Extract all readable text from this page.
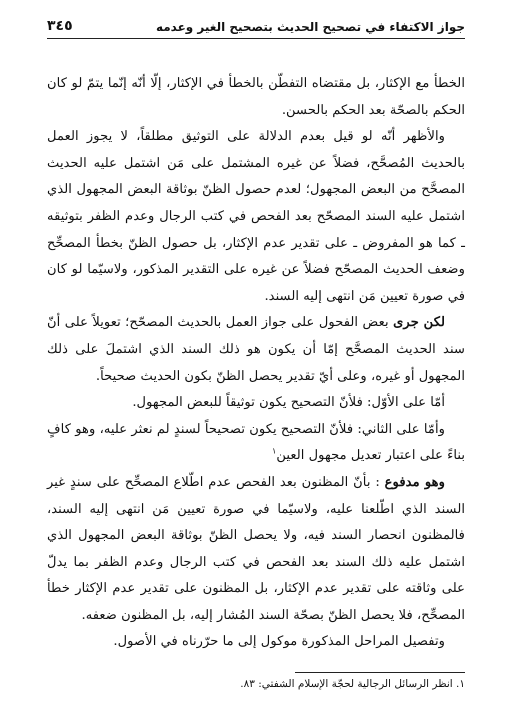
جواز الاكتفاء في تصحيح الحديث بتصحيح الغير وعدمه
٣٤٥

الخطأ مع الإكثار، بل مقتضاه التفطّن بالخطأ في الإكثار، إلّا أنّه إنّما يتمّ لو كان الحكم بالصحّة بعد الحكم بالحسن.

والأظهر أنّه لو قيل بعدم الدلالة على التوثيق مطلقاً، لا يجوز العمل بالحديث المُصحَّح، فضلاً عن غيره المشتمل على مَن اشتمل عليه الحديث المصحَّح من البعض المجهول؛ لعدم حصول الظنّ بوثاقة البعض المجهول الذي اشتمل عليه السند المصحّح بعد الفحص في كتب الرجال وعدم الظفر بتوثيقه ـ كما هو المفروض ـ على تقدير عدم الإكثار، بل حصول الظنّ بخطأ المصحِّح وضعف الحديث المصحّح فضلاً عن غيره على التقدير المذكور، ولاسيّما لو كان في صورة تعيين مَن انتهى إليه السند.

لكن جرى بعض الفحول على جواز العمل بالحديث المصحّح؛ تعويلاً على أنّ سند الحديث المصحَّح إمّا أن يكون هو ذلك السند الذي اشتملَ على ذلك المجهول أو غيره، وعلى أيّ تقدير يحصل الظنّ بكون الحديث صحيحاً.

أمّا على الأوّل: فلأنّ التصحيح يكون توثيقاً للبعض المجهول.

وأمّا على الثاني: فلأنّ التصحيح يكون تصحيحاً لسندٍ لم نعثر عليه، وهو كافٍ بناءً على اعتبار تعديل مجهول العين$^١$

وهو مدفوع : بأنّ المظنون بعد الفحص عدم اطّلاع المصحِّح على سندٍ غير السند الذي اطّلعنا عليه، ولاسيّما في صورة تعيين مَن انتهى إليه السند، فالمظنون انحصار السند فيه، ولا يحصل الظنّ بوثاقة البعض المجهول الذي اشتمل عليه ذلك السند بعد الفحص في كتب الرجال وعدم الظفر بما يدلّ على وثاقته على تقدير عدم الإكثار، بل المظنون على تقدير عدم الإكثار خطأ المصحِّح، فلا يحصل الظنّ بصحّة السند المُشار إليه، بل المظنون ضعفه.

وتفصيل المراحل المذكورة موكول إلى ما حرّرناه في الأصول.

١. انظر الرسائل الرجالية لحجّة الإسلام الشفتي: ٨٣.
